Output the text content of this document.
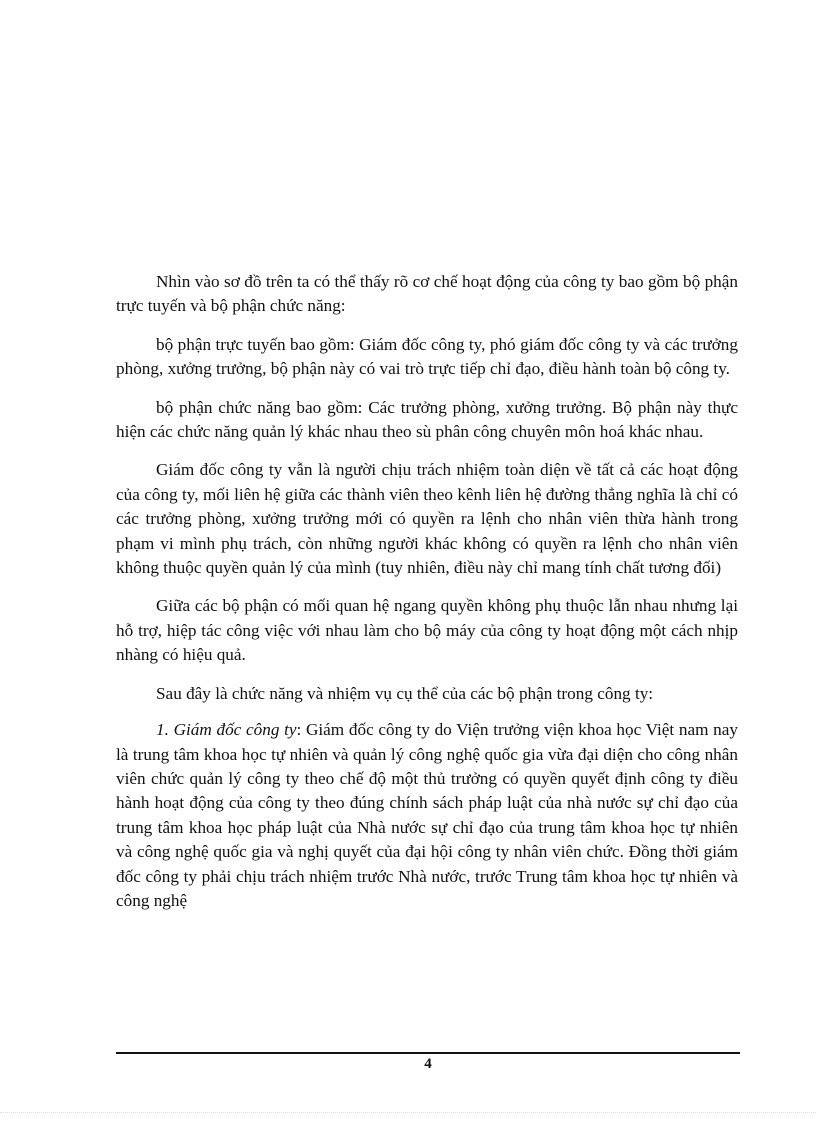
Nhìn vào sơ đồ trên ta có thể thấy rõ cơ chế hoạt động của công ty bao gồm bộ phận trực tuyến và bộ phận chức năng:

bộ phận trực tuyến bao gồm: Giám đốc công ty, phó giám đốc công ty và các trưởng phòng, xưởng trưởng, bộ phận này có vai trò trực tiếp chỉ đạo, điều hành toàn bộ công ty.

bộ phận chức năng bao gồm: Các trưởng phòng, xưởng trưởng. Bộ phận này thực hiện các chức năng quản lý khác nhau theo sù phân công chuyên môn hoá khác nhau.

Giám đốc công ty vẫn là người chịu trách nhiệm toàn diện về tất cả các hoạt động của công ty, mối liên hệ giữa các thành viên theo kênh liên hệ đường thẳng nghĩa là chỉ có các trưởng phòng, xưởng trưởng mới có quyền ra lệnh cho nhân viên thừa hành trong phạm vi mình phụ trách, còn những người khác không có quyền ra lệnh cho nhân viên không thuộc quyền quản lý của mình (tuy nhiên, điều này chỉ mang tính chất tương đối)

Giữa các bộ phận có mối quan hệ ngang quyền không phụ thuộc lẫn nhau nhưng lại hỗ trợ, hiệp tác công việc với nhau làm cho bộ máy của công ty hoạt động một cách nhịp nhàng có hiệu quả.

Sau đây là chức năng và nhiệm vụ cụ thể của các bộ phận trong công ty:

1. Giám đốc công ty: Giám đốc công ty do Viện trưởng viện khoa học Việt nam nay là trung tâm khoa học tự nhiên và quản lý công nghệ quốc gia vừa đại diện cho công nhân viên chức quản lý công ty theo chế độ một thủ trưởng có quyền quyết định công ty điều hành hoạt động của công ty theo đúng chính sách pháp luật của nhà nước sự chỉ đạo của trung tâm khoa học pháp luật của Nhà nước sự chỉ đạo của trung tâm khoa học tự nhiên và công nghệ quốc gia và nghị quyết của đại hội công ty nhân viên chức. Đồng thời giám đốc công ty phải chịu trách nhiệm trước Nhà nước, trước Trung tâm khoa học tự nhiên và công nghệ

4
